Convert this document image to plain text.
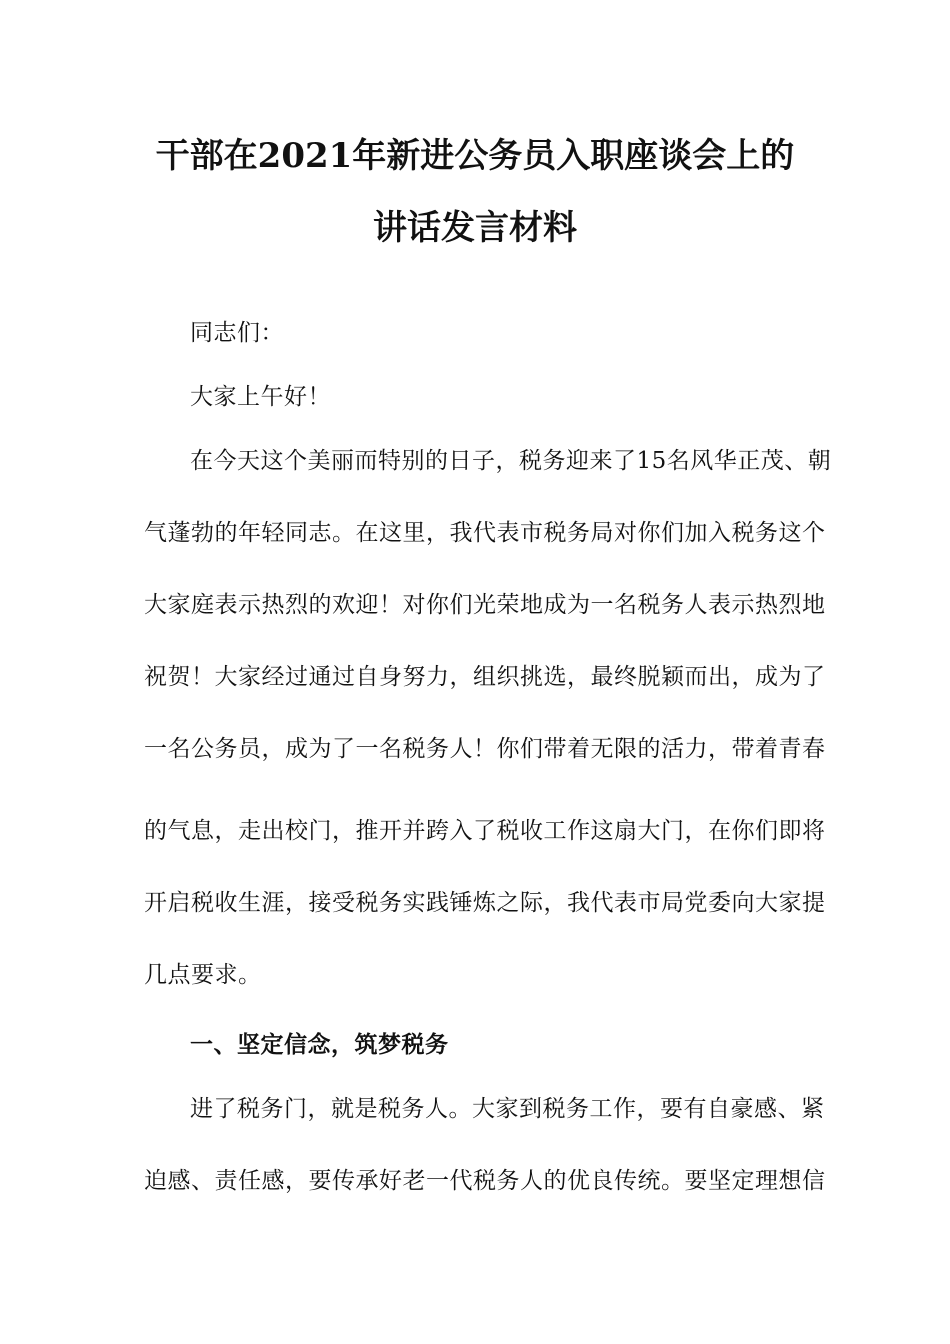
干部在2021年新进公务员入职座谈会上的
讲话发言材料
同志们：
大家上午好！
在今天这个美丽而特别的日子，税务迎来了15名风华正茂、朝
气蓬勃的年轻同志。在这里，我代表市税务局对你们加入税务这个
大家庭表示热烈的欢迎！对你们光荣地成为一名税务人表示热烈地
祝贺！大家经过通过自身努力，组织挑选，最终脱颖而出，成为了
一名公务员，成为了一名税务人！你们带着无限的活力，带着青春
的气息，走出校门，推开并跨入了税收工作这扇大门，在你们即将
开启税收生涯，接受税务实践锤炼之际，我代表市局党委向大家提
几点要求。
一、坚定信念，筑梦税务
进了税务门，就是税务人。大家到税务工作，要有自豪感、紧
迫感、责任感，要传承好老一代税务人的优良传统。要坚定理想信
